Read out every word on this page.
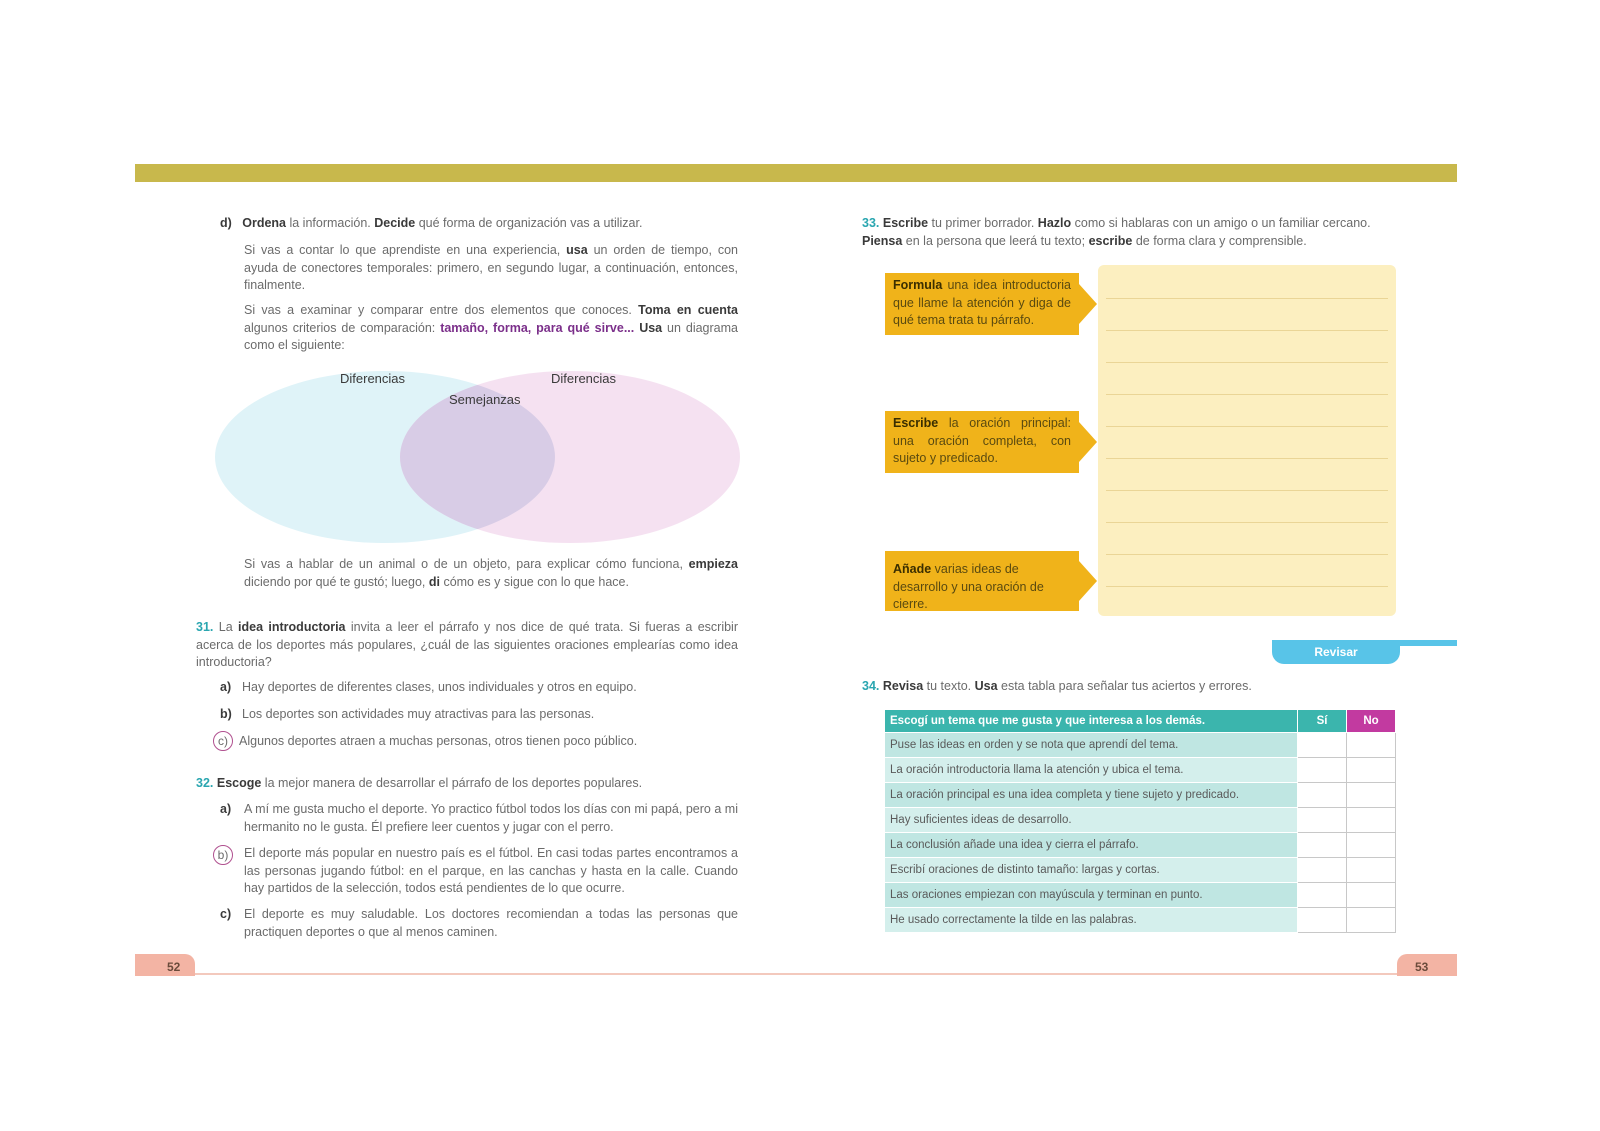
d) Ordena la información. Decide qué forma de organización vas a utilizar.

Si vas a contar lo que aprendiste en una experiencia, usa un orden de tiempo, con ayuda de conectores temporales: primero, en segundo lugar, a continuación, entonces, finalmente.

Si vas a examinar y comparar entre dos elementos que conoces. Toma en cuenta algunos criterios de comparación: tamaño, forma, para qué sirve... Usa un diagrama como el siguiente:

Diferencias	Diferencias
Semejanzas

Si vas a hablar de un animal o de un objeto, para explicar cómo funciona, empieza diciendo por qué te gustó; luego, di cómo es y sigue con lo que hace.

31. La idea introductoria invita a leer el párrafo y nos dice de qué trata. Si fueras a escribir acerca de los deportes más populares, ¿cuál de las siguientes oraciones emplearías como idea introductoria?

a) Hay deportes de diferentes clases, unos individuales y otros en equipo.

b) Los deportes son actividades muy atractivas para las personas.

c) Algunos deportes atraen a muchas personas, otros tienen poco público.

32. Escoge la mejor manera de desarrollar el párrafo de los deportes populares.

a)	A mí me gusta mucho el deporte. Yo practico fútbol todos los días con mi papá, pero a mi hermanito no le gusta. Él prefiere leer cuentos y jugar con el perro.

b)	El deporte más popular en nuestro país es el fútbol. En casi todas partes encontramos a las personas jugando fútbol: en el parque, en las canchas y hasta en la calle. Cuando hay partidos de la selección, todos está pendientes de lo que ocurre.

c)	El deporte es muy saludable. Los doctores recomiendan a todas las personas que practiquen deportes o que al menos caminen.

52

33. Escribe tu primer borrador. Hazlo como si hablaras con un amigo o un familiar cercano. Piensa en la persona que leerá tu texto; escribe de forma clara y comprensible.

Formula una idea introductoria que llame la atención y diga de qué tema trata tu párrafo.
Escribe la oración principal: una oración completa, con sujeto y predicado.
Añade varias ideas de desarrollo y una oración de cierre.
Revisar

34. Revisa tu texto. Usa esta tabla para señalar tus aciertos y errores.

Escogí un tema que me gusta y que interesa a los demás.	Sí	No
Puse las ideas en orden y se nota que aprendí del tema.		
La oración introductoria llama la atención y ubica el tema.		
La oración principal es una idea completa y tiene sujeto y predicado.		
Hay suficientes ideas de desarrollo.		
La conclusión añade una idea y cierra el párrafo.		
Escribí oraciones de distinto tamaño: largas y cortas.		
Las oraciones empiezan con mayúscula y terminan en punto.		
He usado correctamente la tilde en las palabras.		
53
